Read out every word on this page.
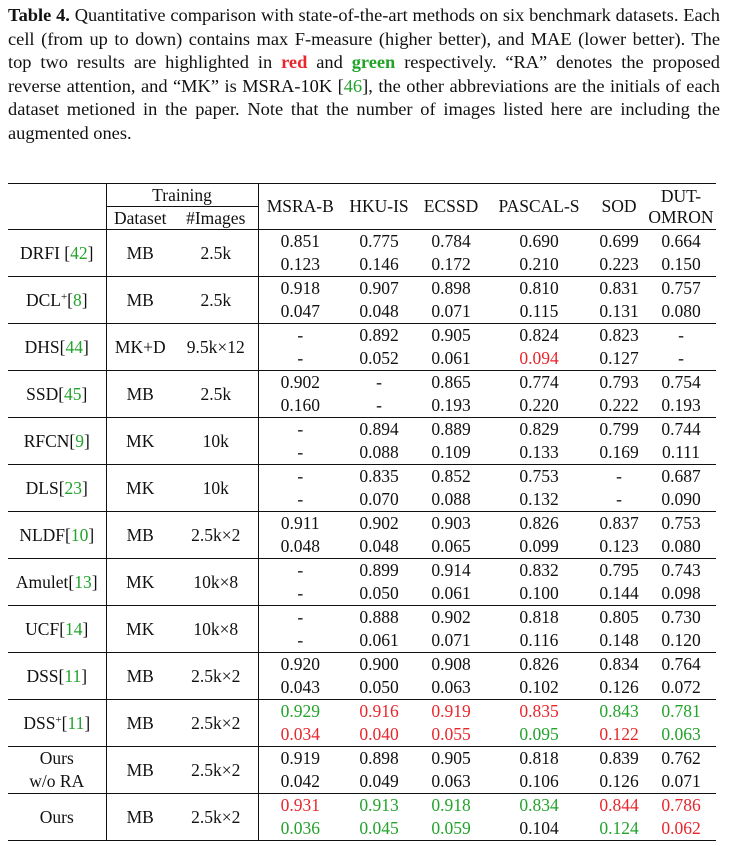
Table 4. Quantitative comparison with state-of-the-art methods on six benchmark datasets. Each cell (from up to down) contains max F-measure (higher better), and MAE (lower better). The top two results are highlighted in red and green respectively. “RA” denotes the proposed reverse attention, and “MK” is MSRA-10K [46], the other abbreviations are the initials of each dataset metioned in the paper. Note that the number of images listed here are including the augmented ones.
	Training		MSRA-B	HKU-IS	ECSSD	PASCAL-S	SOD	DUT-
OMRON

	Dataset	#Images						

DRFI [42]	MB	2.5k	0.851	0.775	0.784	0.690	0.699	0.664
			0.123	0.146	0.172	0.210	0.223	0.150

DCL+[8]	MB	2.5k	0.918	0.907	0.898	0.810	0.831	0.757
			0.047	0.048	0.071	0.115	0.131	0.080

DHS[44]	MK+D	9.5k×12	-	0.892	0.905	0.824	0.823	-
			-	0.052	0.061	0.094	0.127	-

SSD[45]	MB	2.5k	0.902	-	0.865	0.774	0.793	0.754
			0.160	-	0.193	0.220	0.222	0.193

RFCN[9]	MK	10k	-	0.894	0.889	0.829	0.799	0.744
			-	0.088	0.109	0.133	0.169	0.111

DLS[23]	MK	10k	-	0.835	0.852	0.753	-	0.687
			-	0.070	0.088	0.132	-	0.090

NLDF[10]	MB	2.5k×2	0.911	0.902	0.903	0.826	0.837	0.753
			0.048	0.048	0.065	0.099	0.123	0.080

Amulet[13]	MK	10k×8	-	0.899	0.914	0.832	0.795	0.743
			-	0.050	0.061	0.100	0.144	0.098

UCF[14]	MK	10k×8	-	0.888	0.902	0.818	0.805	0.730
			-	0.061	0.071	0.116	0.148	0.120

DSS[11]	MB	2.5k×2	0.920	0.900	0.908	0.826	0.834	0.764
			0.043	0.050	0.063	0.102	0.126	0.072

DSS+[11]	MB	2.5k×2	0.929	0.916	0.919	0.835	0.843	0.781
			0.034	0.040	0.055	0.095	0.122	0.063

Ours
w/o RA	MB	2.5k×2	0.919	0.898	0.905	0.818	0.839	0.762
			0.042	0.049	0.063	0.106	0.126	0.071

Ours	MB	2.5k×2	0.931	0.913	0.918	0.834	0.844	0.786
			0.036	0.045	0.059	0.104	0.124	0.062
